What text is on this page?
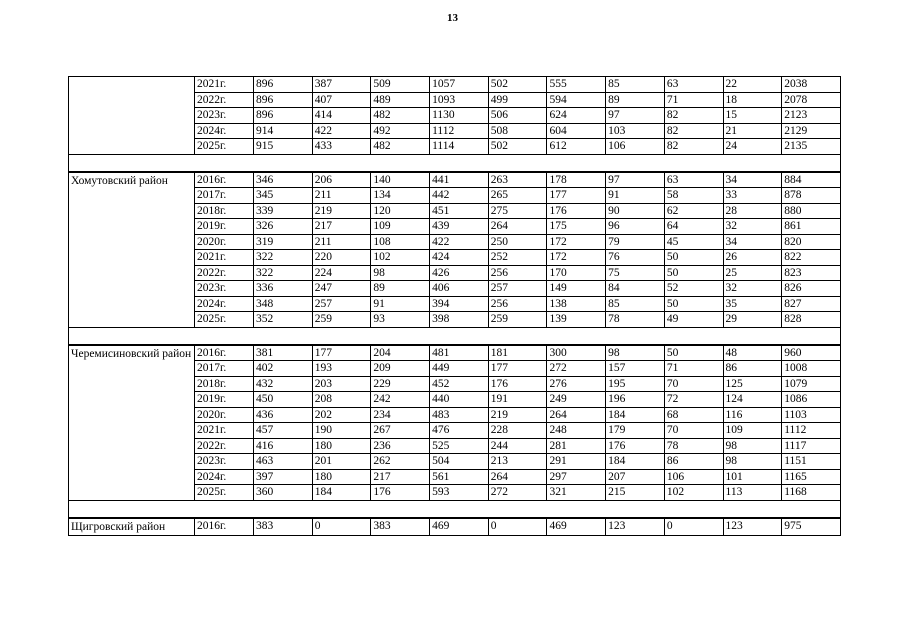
13
	2021г.	896	387	509	1057	502	555	85	63	22	2038
	2022г.	896	407	489	1093	499	594	89	71	18	2078
	2023г.	896	414	482	1130	506	624	97	82	15	2123
	2024г.	914	422	492	1112	508	604	103	82	21	2129
	2025г.	915	433	482	1114	502	612	106	82	24	2135

Хомутовский район	2016г.	346	206	140	441	263	178	97	63	34	884
	2017г.	345	211	134	442	265	177	91	58	33	878
	2018г.	339	219	120	451	275	176	90	62	28	880
	2019г.	326	217	109	439	264	175	96	64	32	861
	2020г.	319	211	108	422	250	172	79	45	34	820
	2021г.	322	220	102	424	252	172	76	50	26	822
	2022г.	322	224	98	426	256	170	75	50	25	823
	2023г.	336	247	89	406	257	149	84	52	32	826
	2024г.	348	257	91	394	256	138	85	50	35	827
	2025г.	352	259	93	398	259	139	78	49	29	828

Черемисиновский район	2016г.	381	177	204	481	181	300	98	50	48	960
	2017г.	402	193	209	449	177	272	157	71	86	1008
	2018г.	432	203	229	452	176	276	195	70	125	1079
	2019г.	450	208	242	440	191	249	196	72	124	1086
	2020г.	436	202	234	483	219	264	184	68	116	1103
	2021г.	457	190	267	476	228	248	179	70	109	1112
	2022г.	416	180	236	525	244	281	176	78	98	1117
	2023г.	463	201	262	504	213	291	184	86	98	1151
	2024г.	397	180	217	561	264	297	207	106	101	1165
	2025г.	360	184	176	593	272	321	215	102	113	1168

Щигровский район	2016г.	383	0	383	469	0	469	123	0	123	975
